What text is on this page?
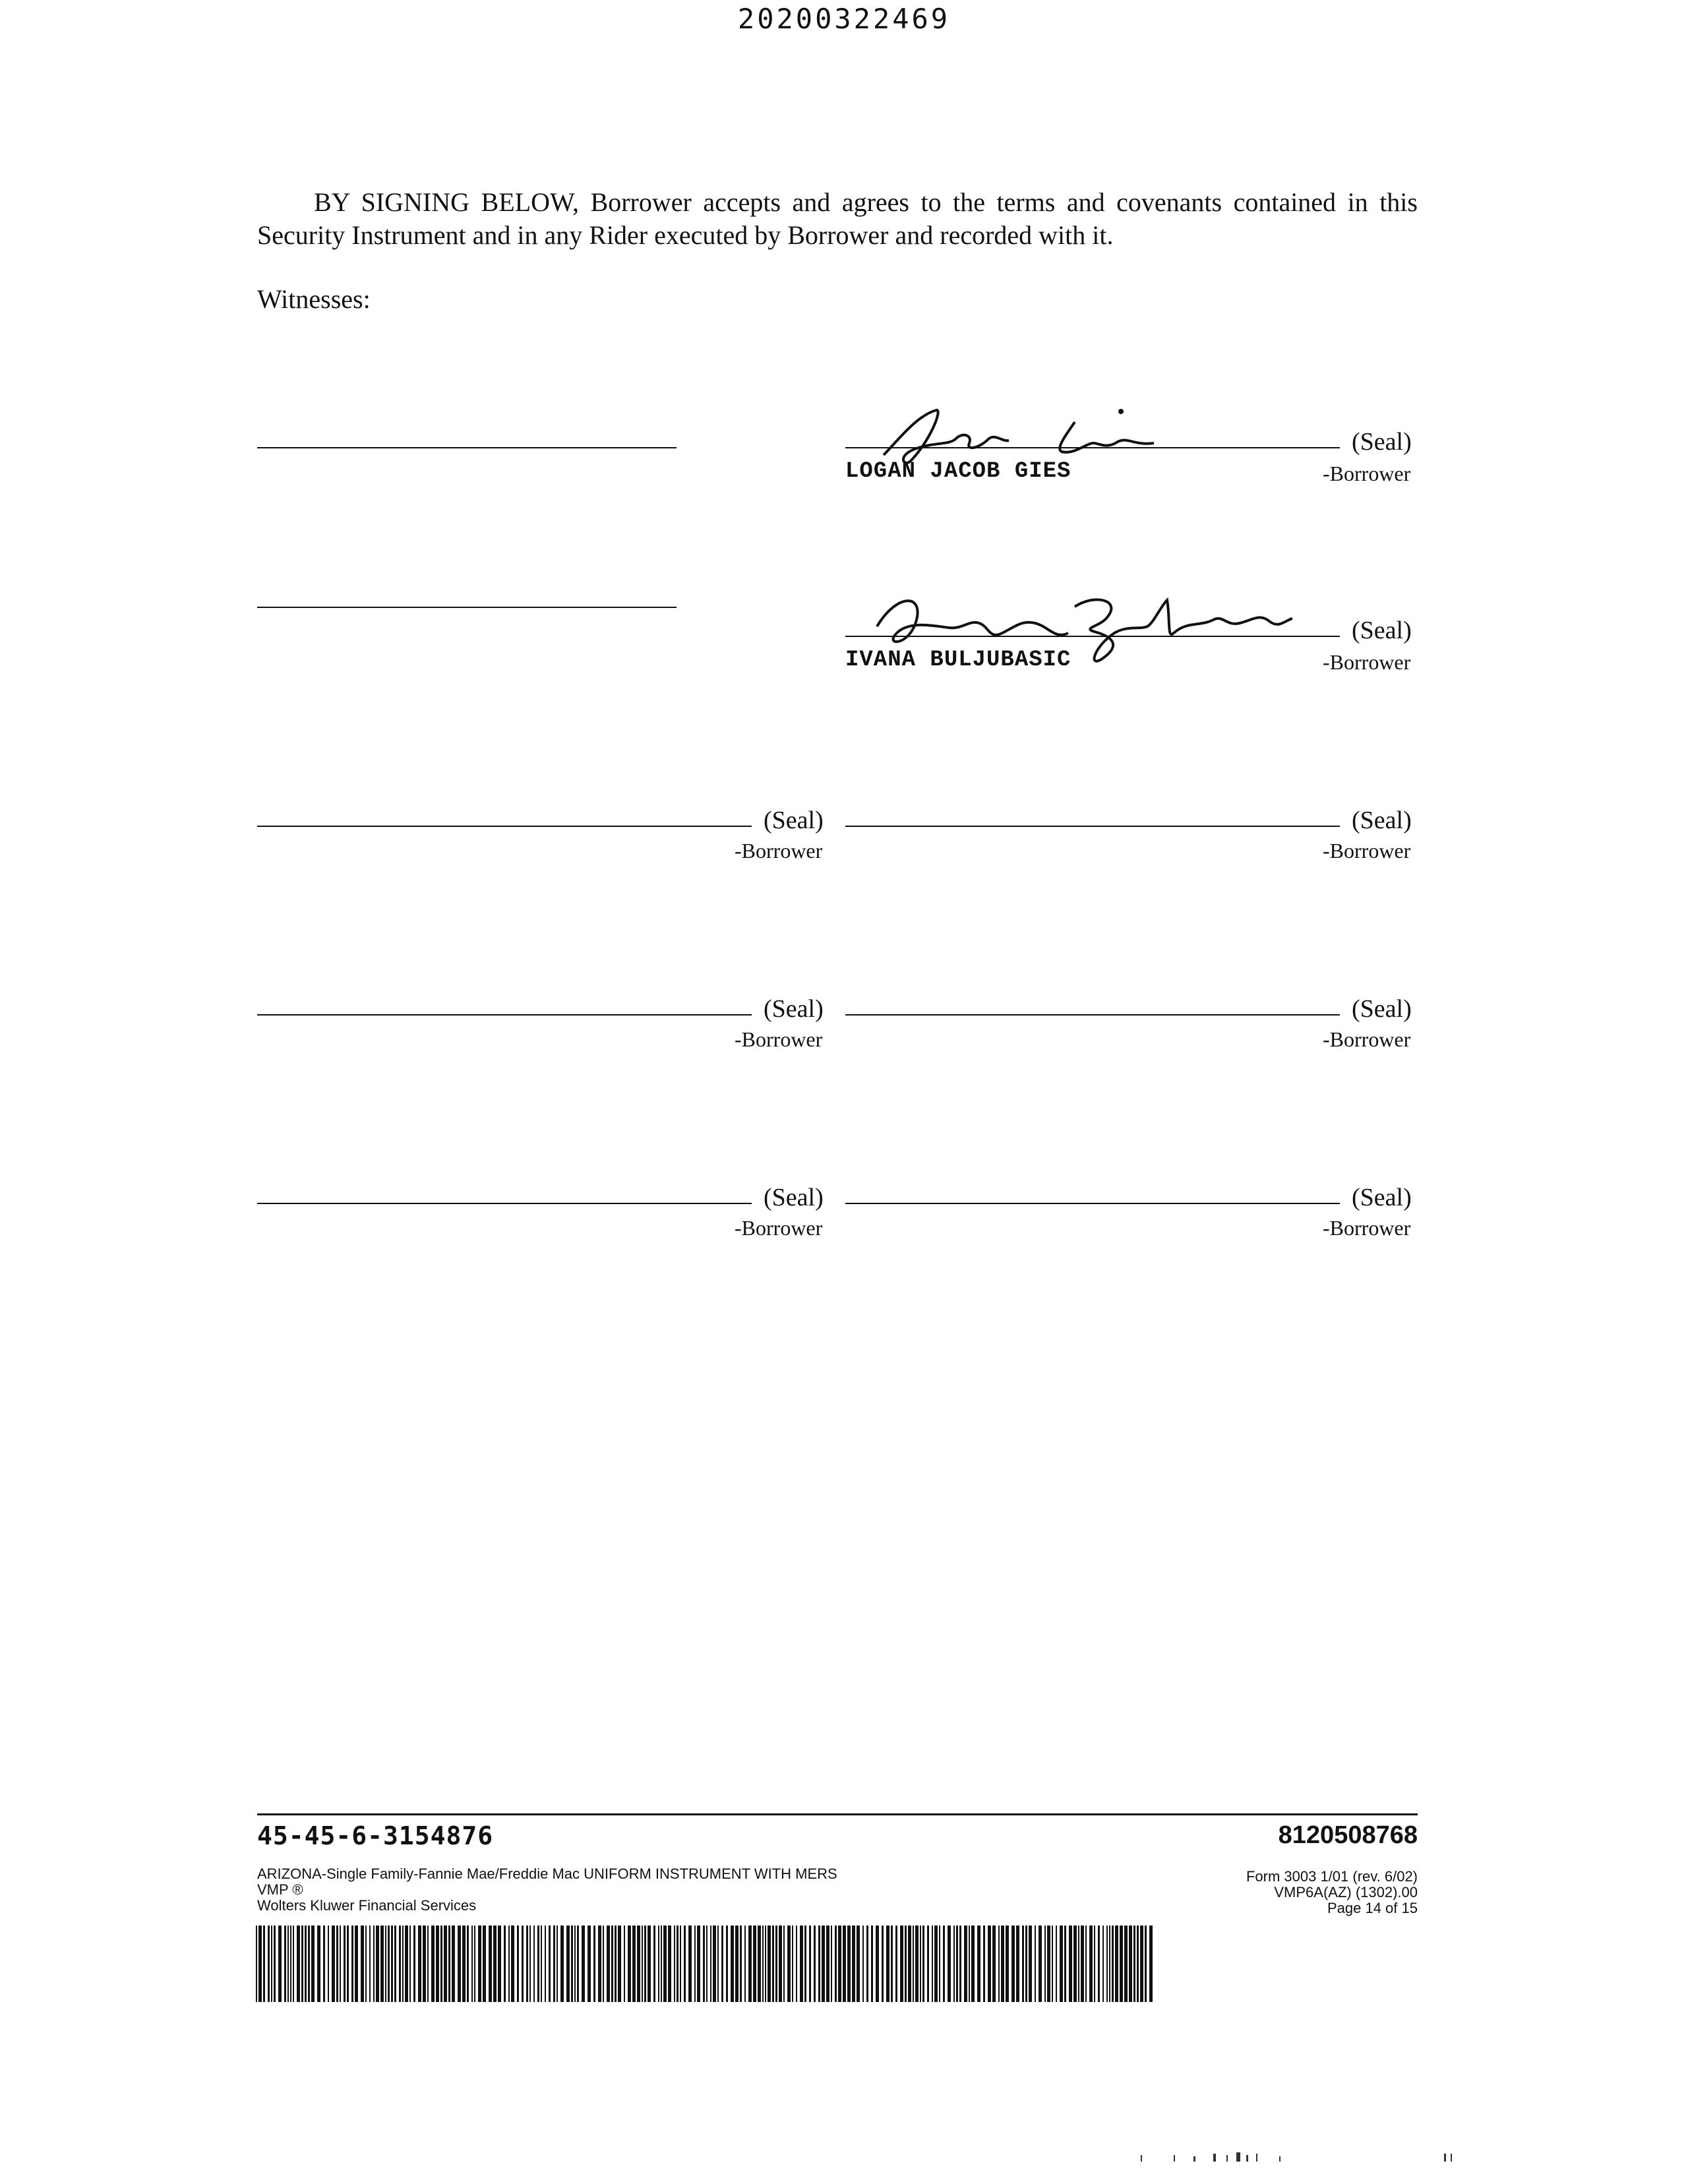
20200322469
BY SIGNING BELOW, Borrower accepts and agrees to the terms and covenants contained in this
Security Instrument and in any Rider executed by Borrower and recorded with it.
Witnesses:
(Seal)
LOGAN JACOB GIES	-Borrower
(Seal)
IVANA BULJUBASIC	-Borrower
(Seal)
-Borrower
(Seal)
-Borrower
(Seal)
-Borrower
(Seal)
-Borrower
(Seal)
-Borrower
(Seal)
-Borrower
45-45-6-3154876	8120508768
ARIZONA-Single Family-Fannie Mae/Freddie Mac UNIFORM INSTRUMENT WITH MERS
VMP ®
Wolters Kluwer Financial Services
Form 3003 1/01 (rev. 6/02)
VMP6A(AZ) (1302).00
Page 14 of 15
